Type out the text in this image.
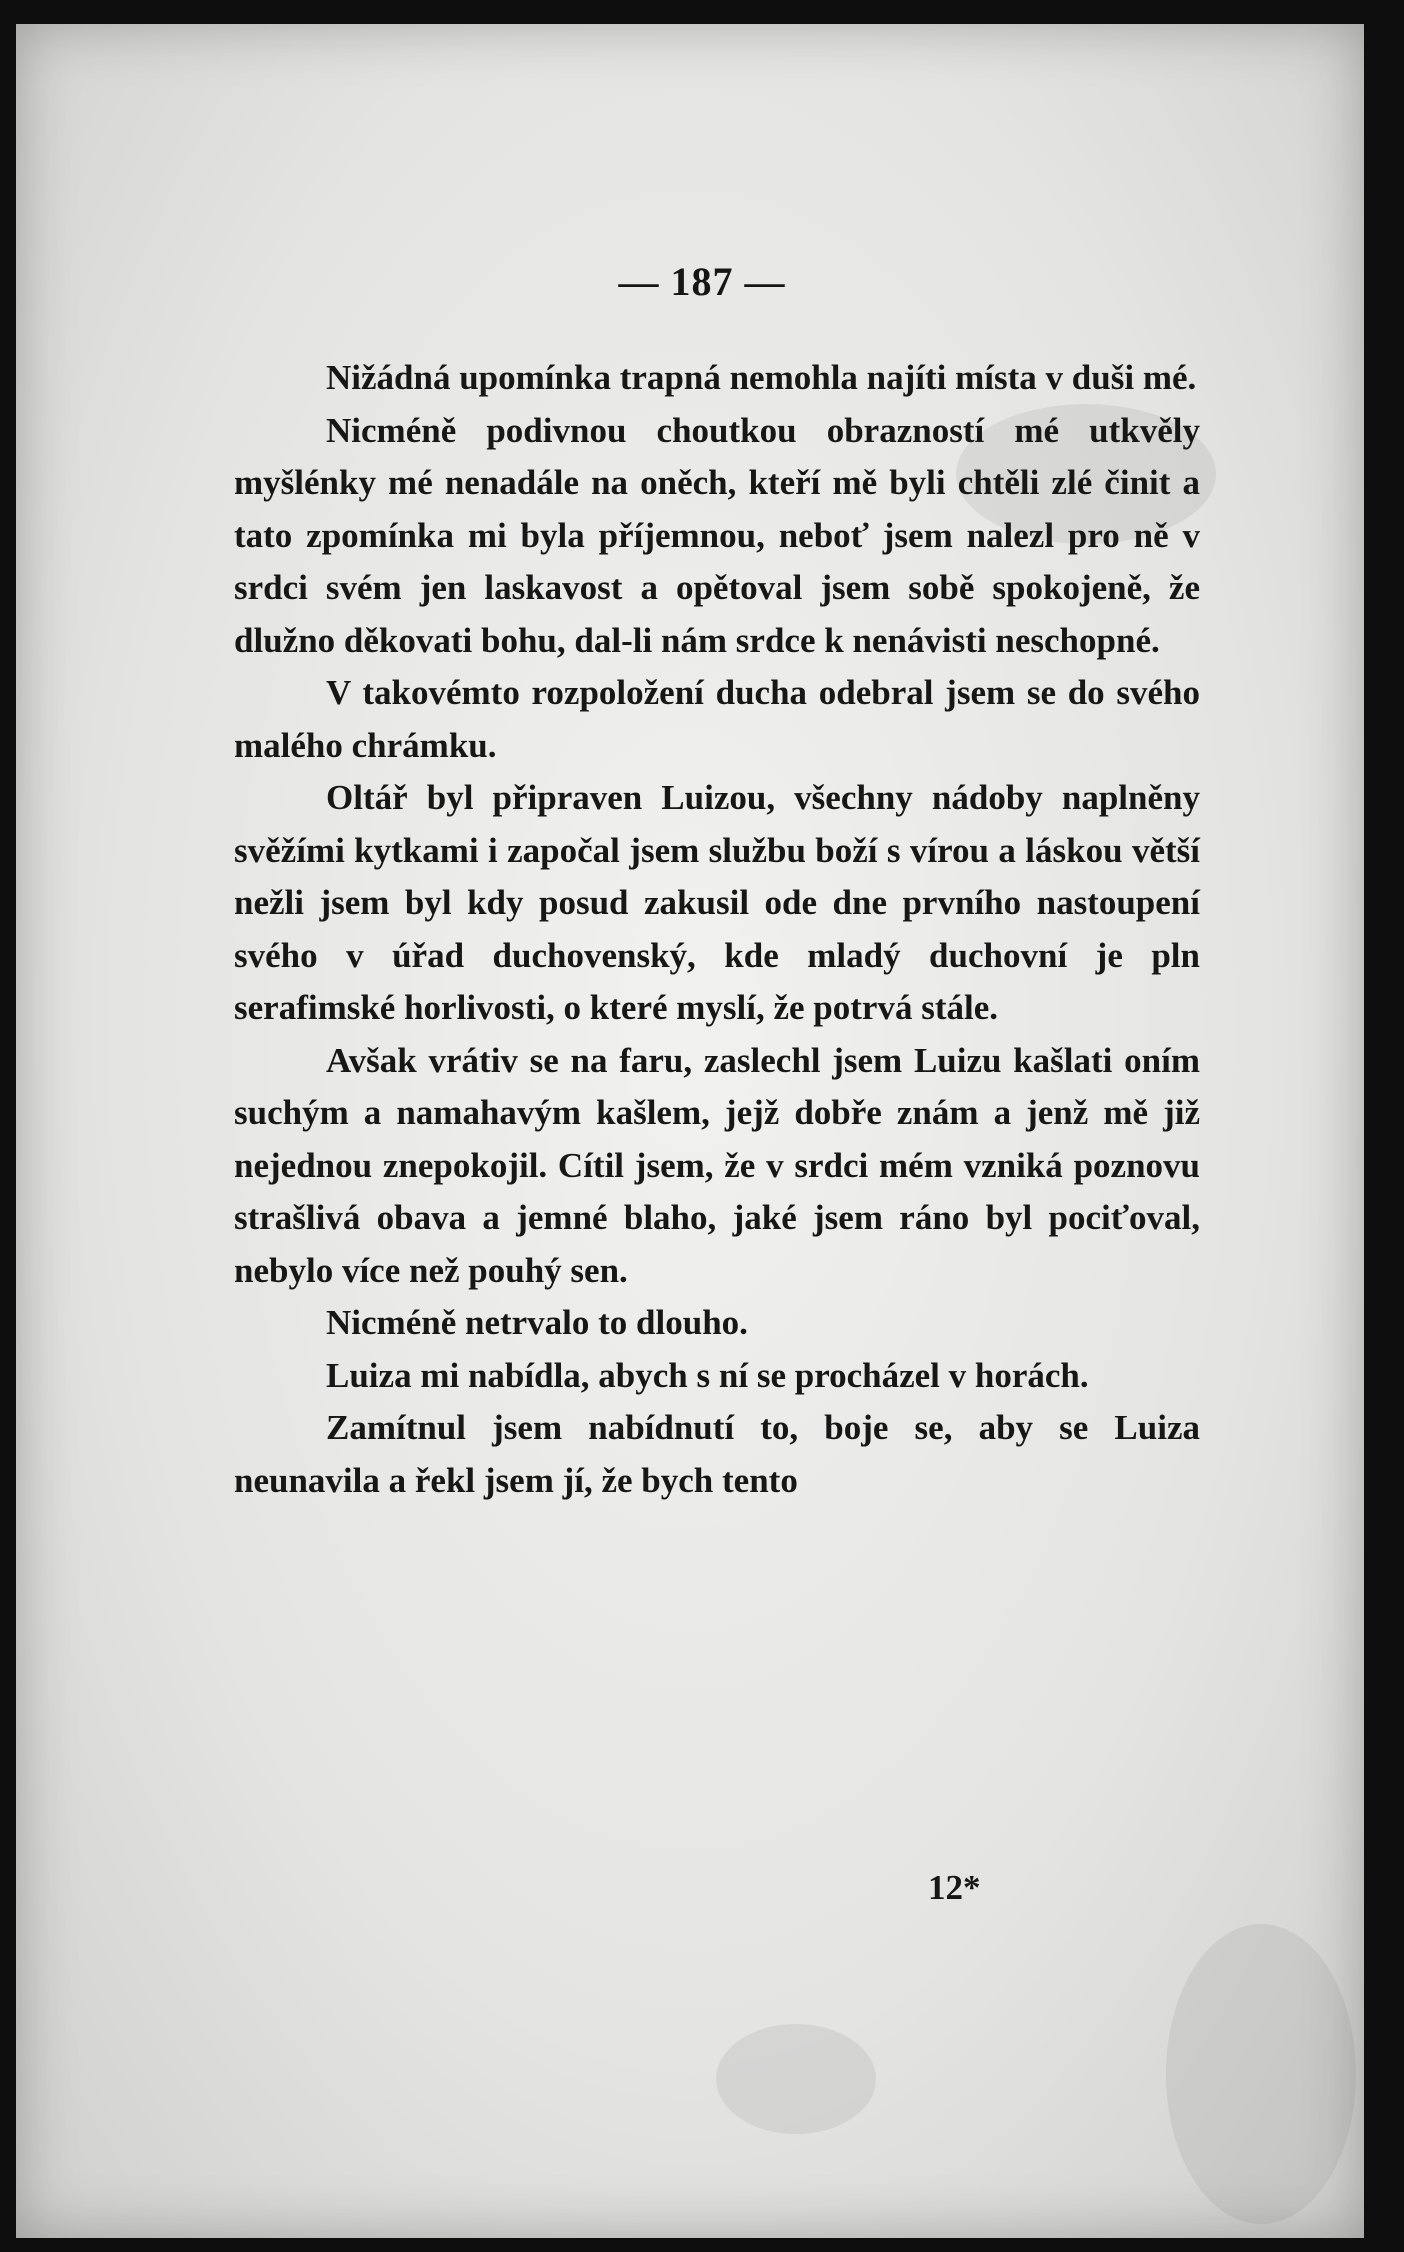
— 187 —

Nižádná upomínka trapná nemohla najíti místa v duši mé.

Nicméně podivnou choutkou obrazností mé utkvěly myšlénky mé nenadále na oněch, kteří mě byli chtěli zlé činit a tato zpomínka mi byla příjemnou, neboť jsem nalezl pro ně v srdci svém jen laskavost a opětoval jsem sobě spokojeně, že dlužno děkovati bohu, dal-li nám srdce k nenávisti neschopné.

V takovémto rozpoložení ducha odebral jsem se do svého malého chrámku.

Oltář byl připraven Luizou, všechny nádoby naplněny svěžími kytkami i započal jsem službu boží s vírou a láskou větší nežli jsem byl kdy posud zakusil ode dne prvního nastoupení svého v úřad duchovenský, kde mladý duchovní je pln serafimské horlivosti, o které myslí, že potrvá stále.

Avšak vrátiv se na faru, zaslechl jsem Luizu kašlati oním suchým a namahavým kašlem, jejž dobře znám a jenž mě již nejednou znepokojil. Cítil jsem, že v srdci mém vzniká poznovu strašlivá obava a jemné blaho, jaké jsem ráno byl pociťoval, nebylo více než pouhý sen.

Nicméně netrvalo to dlouho.

Luiza mi nabídla, abych s ní se procházel v horách.

Zamítnul jsem nabídnutí to, boje se, aby se Luiza neunavila a řekl jsem jí, že bych tento

12*
